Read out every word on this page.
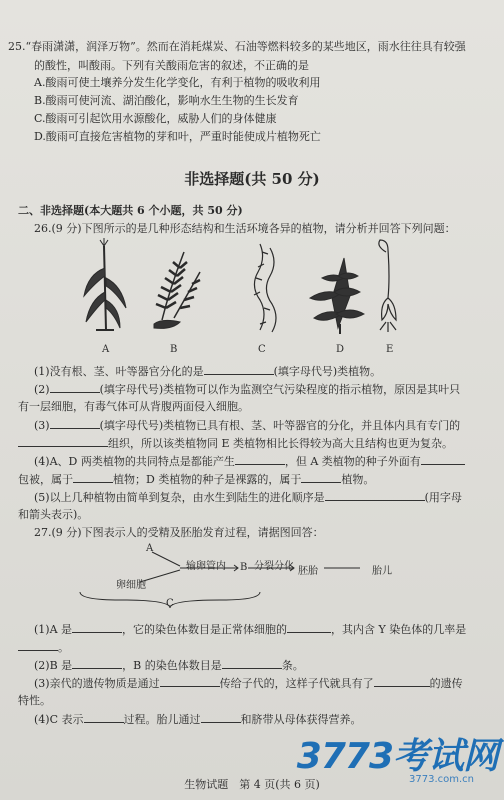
25.“春雨潇潇，润泽万物”。然而在消耗煤炭、石油等燃料较多的某些地区，雨水往往具有较强
的酸性，叫酸雨。下列有关酸雨危害的叙述，不正确的是
A.酸雨可使土壤养分发生化学变化，有利于植物的吸收利用
B.酸雨可使河流、湖泊酸化，影响水生生物的生长发育
C.酸雨可引起饮用水源酸化，威胁人们的身体健康
D.酸雨可直接危害植物的芽和叶，严重时能使成片植物死亡
非选择题(共 50 分)
二、非选择题(本大题共 6 个小题，共 50 分)
26.(9 分)下图所示的是几种形态结构和生活环境各异的植物，请分析并回答下列问题：
A	B	C	D	E
(1)没有根、茎、叶等器官分化的是	(填字母代号)类植物。
(2)	(填字母代号)类植物可以作为监测空气污染程度的指示植物，原因是其叶只
有一层细胞，有毒气体可从背腹两面侵入细胞。
(3)	(填字母代号)类植物已具有根、茎、叶等器官的分化，并且体内具有专门的
组织，所以该类植物同 E 类植物相比长得较为高大且结构也更为复杂。
(4)A、D 两类植物的共同特点是都能产生	，但 A 类植物的种子外面有
包被，属于	植物；D 类植物的种子是裸露的，属于	植物。
(5)以上几种植物由简单到复杂，由水生到陆生的进化顺序是	(用字母
和箭头表示)。
27.(9 分)下图表示人的受精及胚胎发育过程，请据图回答：
A
卵细胞
输卵管内 B 分裂分化 胚胎	胎儿
C
(1)A 是	，它的染色体数目是正常体细胞的	，其内含 Y 染色体的几率是
。
(2)B 是	，B 的染色体数目是	条。
(3)亲代的遗传物质是通过	传给子代的，这样子代就具有了	的遗传
特性。
(4)C 表示	过程。胎儿通过	和脐带从母体获得营养。
生物试题　第 4 页(共 6 页)
3773考试网
3773.com.cn
